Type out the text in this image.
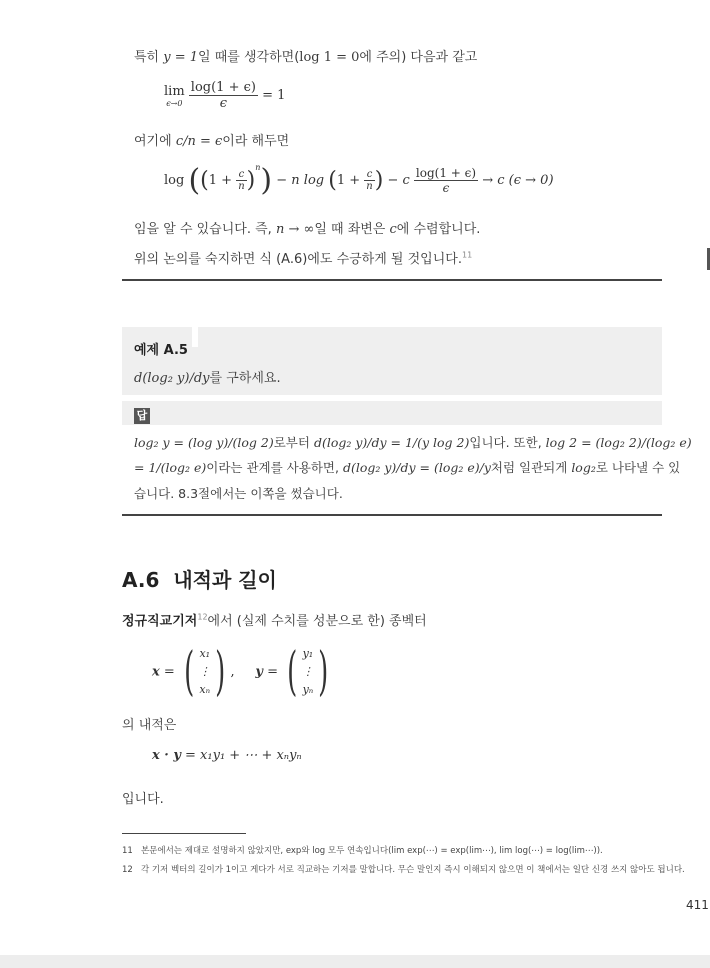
특히 y = 1일 때를 생각하면(log 1 = 0에 주의) 다음과 같고
lim
ϵ→0
$\frac{\log(1 + \epsilon)}{\epsilon} = 1$
여기에 c/n = ϵ이라 해두면
$\log ((1 + \frac{c}{n} )^n) - n$ $\log (1 + \frac{c}{n}$ ) − c $\frac{\log(1 + \epsilon)}{\epsilon} \to c$ (ϵ → 0)
임을 알 수 있습니다. 즉, n → ∞일 때 좌변은 c에 수렴합니다.
위의 논의를 숙지하면 식 (A.6)에도 수긍하게 될 것입니다.$^{11}$
예제 A.5
d(log₂ y)/dy를 구하세요.
답
log₂ y = (log y)/(log 2)로부터 d(log₂ y)/dy = 1/(y log 2)입니다. 또한, log 2 = (log₂ 2)/(log₂ e)
= 1/(log₂ e)이라는 관계를 사용하면, d(log₂ y)/dy = (log₂ e)/y처럼 일관되게 log₂로 나타낼 수 있
습니다. 8.3절에서는 이쪽을 썼습니다.
A.6 내적과 길이
정규직교기저$^{12}$에서 (실제 수치를 성분으로 한) 종벡터
x = ( x₁
⋮
xₙ ) , y = ( y₁
⋮
yₙ )
의 내적은
x · y = x₁y₁ + ⋯ + xₙyₙ
입니다.
11 본문에서는 제대로 설명하지 않았지만, exp와 log 모두 연속입니다(lim exp(⋯) = exp(lim⋯), lim log(⋯) = log(lim⋯)).
12 각 기저 벡터의 길이가 1이고 게다가 서로 직교하는 기저를 말합니다. 무슨 말인지 즉시 이해되지 않으면 이 책에서는 일단 신경 쓰지 않아도 됩니다.
411
